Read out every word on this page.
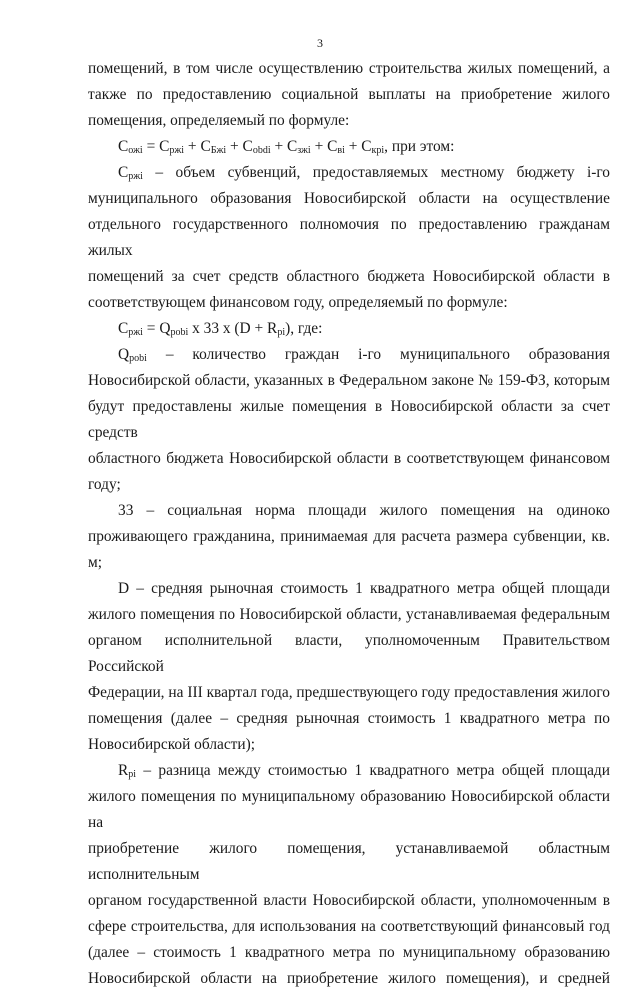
3
помещений, в том числе осуществлению строительства жилых помещений, а
также по предоставлению социальной выплаты на приобретение жилого
помещения, определяемый по формуле:
$С_{ожi} = С_{ржi} + С_{Бжi} + С_{obdi} + С_{зжi} + С_{вi} + С_{крi}$, при этом:
$С_{ржi}$ – объем субвенций, предоставляемых местному бюджету i-го
муниципального образования Новосибирской области на осуществление
отдельного государственного полномочия по предоставлению гражданам жилых
помещений за счет средств областного бюджета Новосибирской области в
соответствующем финансовом году, определяемый по формуле:
$С_{ржi} = Q_{pobi}$ x 33 x $(D + R_{pi})$, где:
$Q_{pobi}$ – количество граждан i-го муниципального образования
Новосибирской области, указанных в Федеральном законе № 159-ФЗ, которым
будут предоставлены жилые помещения в Новосибирской области за счет средств
областного бюджета Новосибирской области в соответствующем финансовом
году;
33 – социальная норма площади жилого помещения на одиноко
проживающего гражданина, принимаемая для расчета размера субвенции, кв. м;
D – средняя рыночная стоимость 1 квадратного метра общей площади
жилого помещения по Новосибирской области, устанавливаемая федеральным
органом исполнительной власти, уполномоченным Правительством Российской
Федерации, на III квартал года, предшествующего году предоставления жилого
помещения (далее – средняя рыночная стоимость 1 квадратного метра по
Новосибирской области);
$R_{pi}$ – разница между стоимостью 1 квадратного метра общей площади
жилого помещения по муниципальному образованию Новосибирской области на
приобретение жилого помещения, устанавливаемой областным исполнительным
органом государственной власти Новосибирской области, уполномоченным в
сфере строительства, для использования на соответствующий финансовый год
(далее – стоимость 1 квадратного метра по муниципальному образованию
Новосибирской области на приобретение жилого помещения), и средней
